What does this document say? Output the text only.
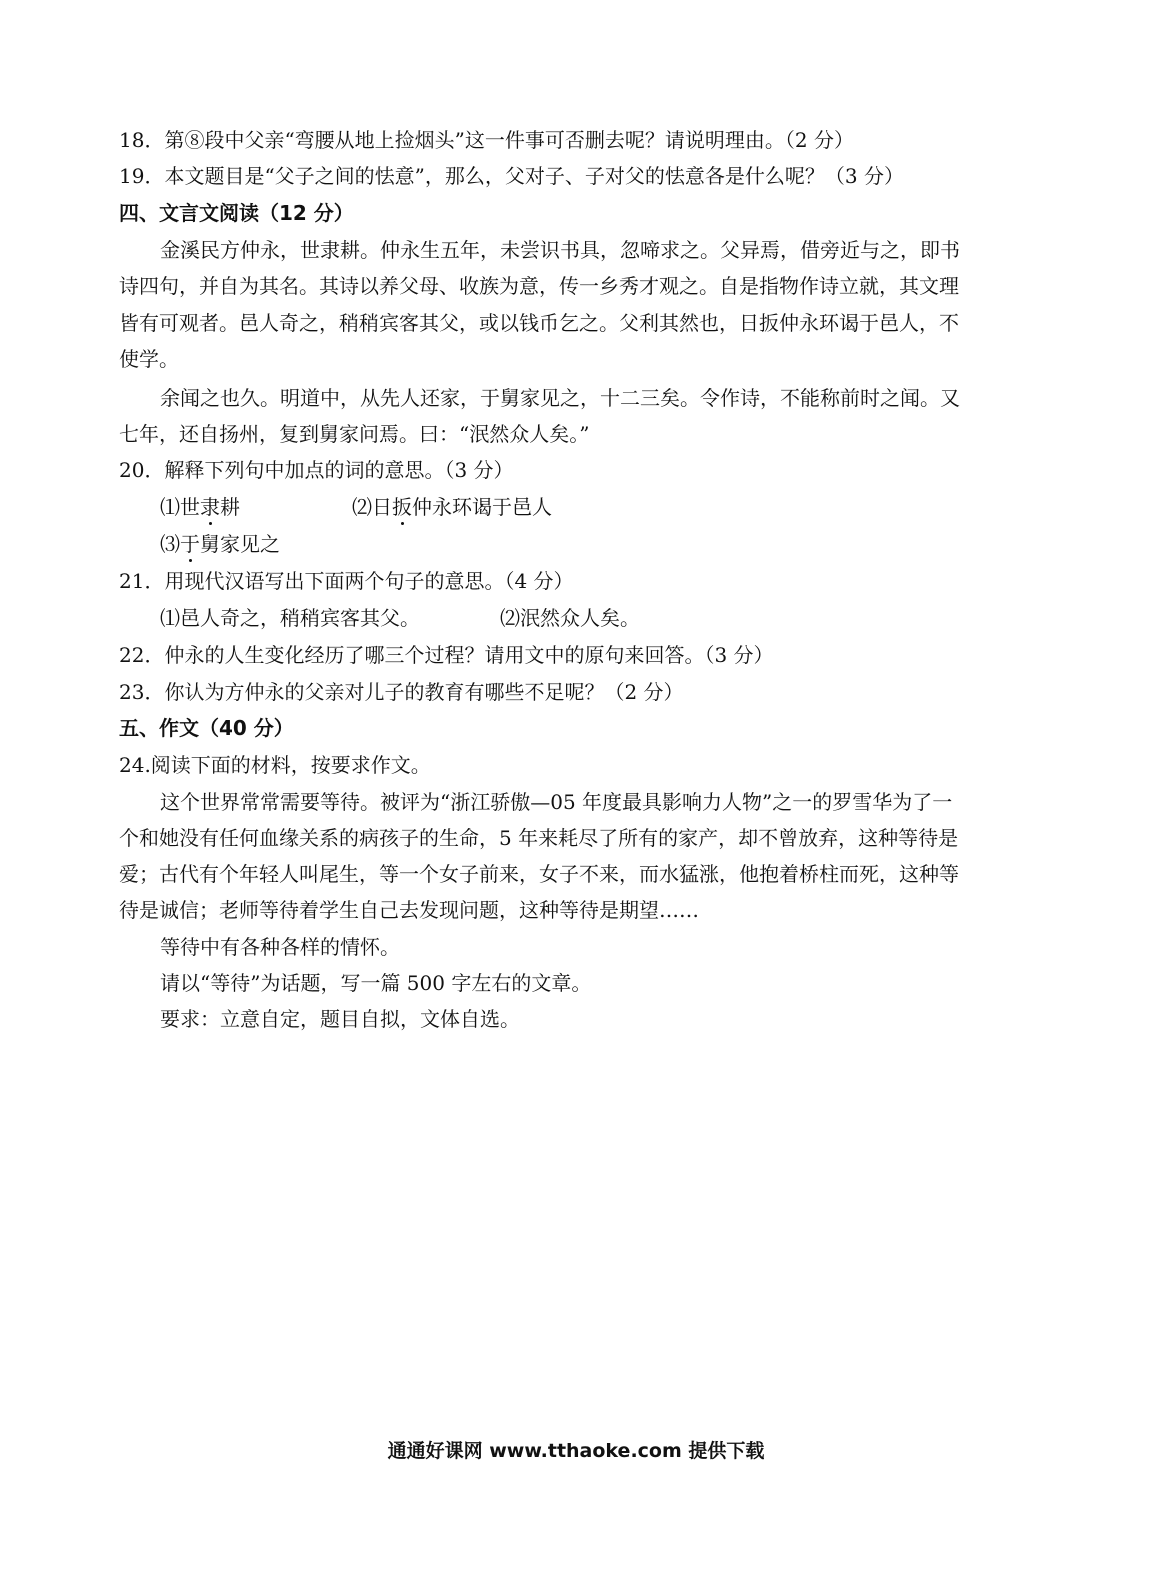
18．第⑧段中父亲“弯腰从地上捡烟头”这一件事可否删去呢？请说明理由。（2 分）
19．本文题目是“父子之间的怯意”，那么，父对子、子对父的怯意各是什么呢？（3 分）
四、文言文阅读（12 分）
金溪民方仲永，世隶耕。仲永生五年，未尝识书具，忽啼求之。父异焉，借旁近与之，即书
诗四句，并自为其名。其诗以养父母、收族为意，传一乡秀才观之。自是指物作诗立就，其文理
皆有可观者。邑人奇之，稍稍宾客其父，或以钱币乞之。父利其然也，日扳仲永环谒于邑人，不
使学。
余闻之也久。明道中，从先人还家，于舅家见之，十二三矣。令作诗，不能称前时之闻。又
七年，还自扬州，复到舅家问焉。曰：“泯然众人矣。”
20．解释下列句中加点的词的意思。（3 分）
⑴世隶耕	⑵日扳仲永环谒于邑人
⑶于舅家见之
21．用现代汉语写出下面两个句子的意思。（4 分）
⑴邑人奇之，稍稍宾客其父。	⑵泯然众人矣。
22．仲永的人生变化经历了哪三个过程？请用文中的原句来回答。（3 分）
23．你认为方仲永的父亲对儿子的教育有哪些不足呢？（2 分）
五、作文（40 分）
24.阅读下面的材料，按要求作文。
这个世界常常需要等待。被评为“浙江骄傲—05 年度最具影响力人物”之一的罗雪华为了一
个和她没有任何血缘关系的病孩子的生命，5 年来耗尽了所有的家产，却不曾放弃，这种等待是
爱；古代有个年轻人叫尾生，等一个女子前来，女子不来，而水猛涨，他抱着桥柱而死，这种等
待是诚信；老师等待着学生自己去发现问题，这种等待是期望……
等待中有各种各样的情怀。
请以“等待”为话题，写一篇 500 字左右的文章。
要求：立意自定，题目自拟，文体自选。
通通好课网 www.tthaoke.com 提供下载
